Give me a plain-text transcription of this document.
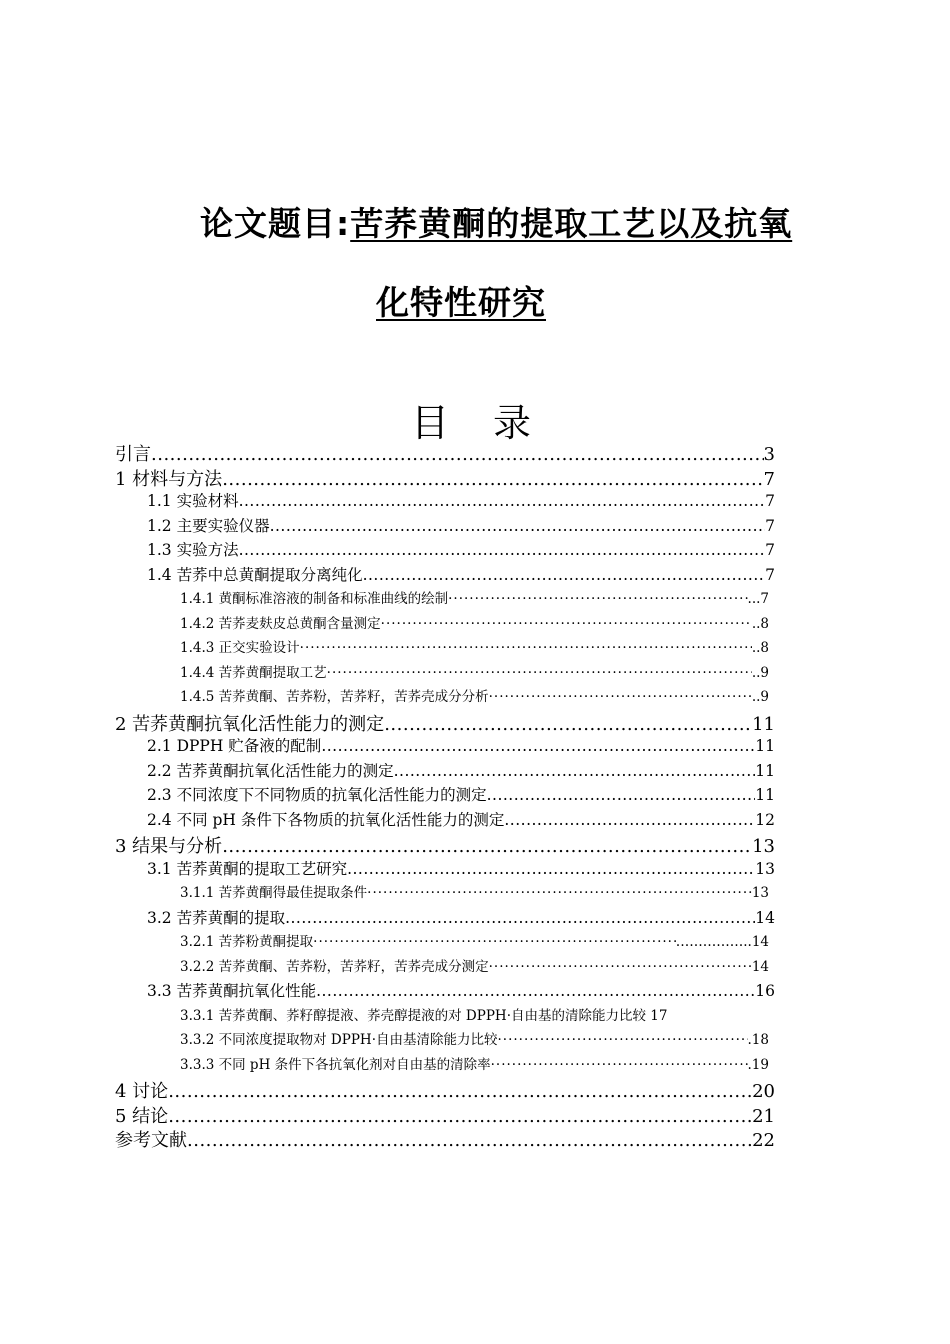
论文题目:苦荞黄酮的提取工艺以及抗氧
化特性研究
目 录
引言 .....	3
1 材料与方法 .....	7
1.1 实验材料 .....	7
1.2 主要实验仪器 .....	7
1.3 实验方法 .....	7
1.4 苦荞中总黄酮提取分离纯化 .....	7
1.4.1 黄酮标准溶液的制备和标准曲线的绘制 ·····	...7
1.4.2 苦荞麦麸皮总黄酮含量测定 ·····	..8
1.4.3 正交实验设计 ·····	..8
1.4.4 苦荞黄酮提取工艺 ·····	..9
1.4.5 苦荞黄酮、苦荞粉，苦荞籽，苦荞壳成分分析 ·····	..9
2 苦荞黄酮抗氧化活性能力的测定 .....	11
2.1 DPPH 贮备液的配制 .....	11
2.2 苦荞黄酮抗氧化活性能力的测定 .....	11
2.3 不同浓度下不同物质的抗氧化活性能力的测定 .....	11
2.4 不同 pH 条件下各物质的抗氧化活性能力的测定 .....	12
3 结果与分析 .....	13
3.1 苦荞黄酮的提取工艺研究 .....	13
3.1.1 苦荞黄酮得最佳提取条件 ·····	13
3.2 苦荞黄酮的提取 .....	14
3.2.1 苦荞粉黄酮提取 ·····	……………..14
3.2.2 苦荞黄酮、苦荞粉，苦荞籽，苦荞壳成分测定 ·····	14
3.3 苦荞黄酮抗氧化性能 .....	16
3.3.1 苦荞黄酮、荞籽醇提液、荞壳醇提液的对 DPPH·自由基的清除能力比较 17
3.3.2 不同浓度提取物对 DPPH·自由基清除能力比较 ·····	.18
3.3.3 不同 pH 条件下各抗氧化剂对自由基的清除率 ·····	.19
4 讨论 .....	20
5 结论 .....	21
参考文献 .....	22
